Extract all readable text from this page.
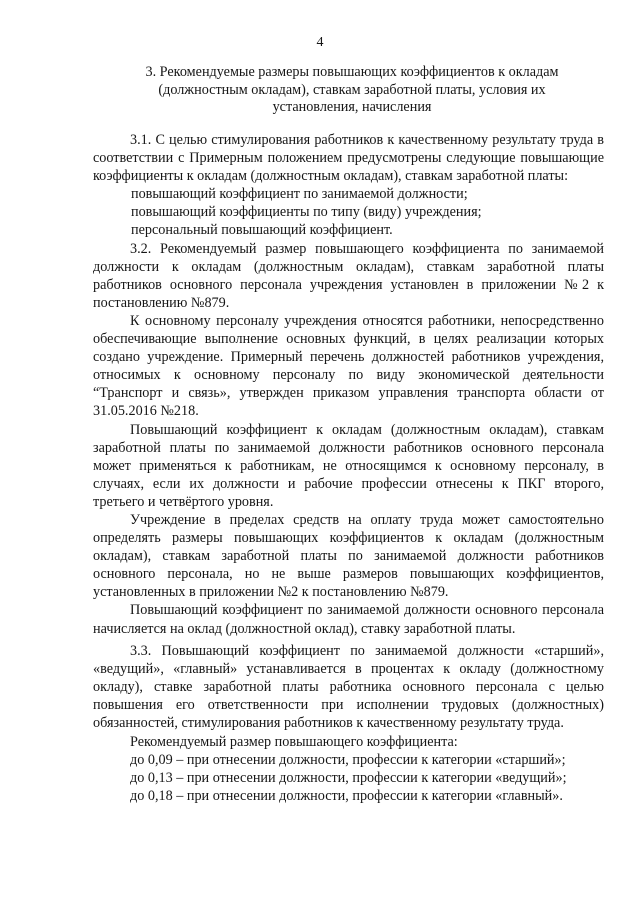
4
3. Рекомендуемые размеры повышающих коэффициентов к окладам
(должностным окладам), ставкам заработной платы, условия их
установления, начисления

3.1. С целью стимулирования работников к качественному результату труда в соответствии с Примерным положением предусмотрены следующие повышающие коэффициенты к окладам (должностным окладам), ставкам заработной платы:

повышающий коэффициент по занимаемой должности;

повышающий коэффициенты по типу (виду) учреждения;

персональный повышающий коэффициент.

3.2. Рекомендуемый размер повышающего коэффициента по занимаемой должности к окладам (должностным окладам), ставкам заработной платы работников основного персонала учреждения установлен в приложении №2 к постановлению №879.

К основному персоналу учреждения относятся работники, непосредственно обеспечивающие выполнение основных функций, в целях реализации которых создано учреждение. Примерный перечень должностей работников учреждения, относимых к основному персоналу по виду экономической деятельности “Транспорт и связь», утвержден приказом управления транспорта области от 31.05.2016 №218.

Повышающий коэффициент к окладам (должностным окладам), ставкам заработной платы по занимаемой должности работников основного персонала может применяться к работникам, не относящимся к основному персоналу, в случаях, если их должности и рабочие профессии отнесены к ПКГ второго, третьего и четвёртого уровня.

Учреждение в пределах средств на оплату труда может самостоятельно определять размеры повышающих коэффициентов к окладам (должностным окладам), ставкам заработной платы по занимаемой должности работников основного персонала, но не выше размеров повышающих коэффициентов, установленных в приложении №2 к постановлению №879.

Повышающий коэффициент по занимаемой должности основного персонала начисляется на оклад (должностной оклад), ставку заработной платы.

3.3. Повышающий коэффициент по занимаемой должности «старший», «ведущий», «главный» устанавливается в процентах к окладу (должностному окладу), ставке заработной платы работника основного персонала с целью повышения его ответственности при исполнении трудовых (должностных) обязанностей, стимулирования работников к качественному результату труда.

Рекомендуемый размер повышающего коэффициента:

до 0,09 – при отнесении должности, профессии к категории «старший»;

до 0,13 – при отнесении должности, профессии к категории «ведущий»;

до 0,18 – при отнесении должности, профессии к категории «главный».
